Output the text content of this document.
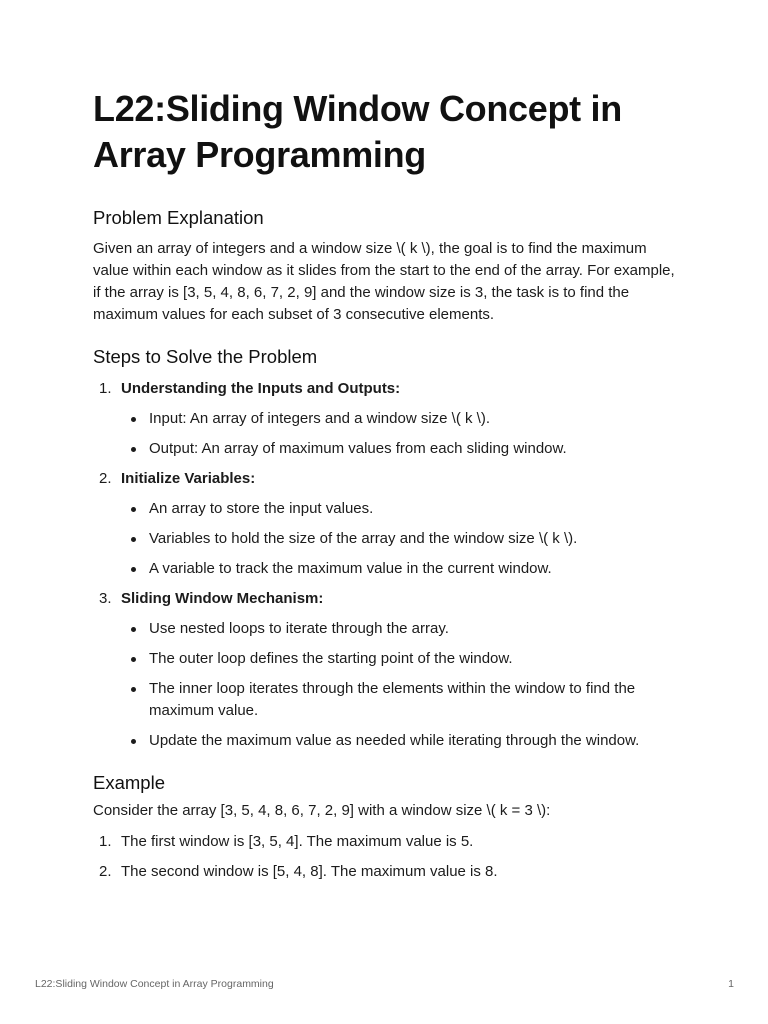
L22:Sliding Window Concept in Array Programming
Problem Explanation

Given an array of integers and a window size \( k \), the goal is to find the maximum value within each window as it slides from the start to the end of the array. For example, if the array is [3, 5, 4, 8, 6, 7, 2, 9] and the window size is 3, the task is to find the maximum values for each subset of 3 consecutive elements.

Steps to Solve the Problem
1. Understanding the Inputs and Outputs:
Input: An array of integers and a window size \( k \).
Output: An array of maximum values from each sliding window.
2. Initialize Variables:
An array to store the input values.
Variables to hold the size of the array and the window size \( k \).
A variable to track the maximum value in the current window.
3. Sliding Window Mechanism:
Use nested loops to iterate through the array.
The outer loop defines the starting point of the window.
The inner loop iterates through the elements within the window to find the maximum value.
Update the maximum value as needed while iterating through the window.
Example

Consider the array [3, 5, 4, 8, 6, 7, 2, 9] with a window size \( k = 3 \):

1. The first window is [3, 5, 4]. The maximum value is 5.
2. The second window is [5, 4, 8]. The maximum value is 8.
L22:Sliding Window Concept in Array Programming	1
